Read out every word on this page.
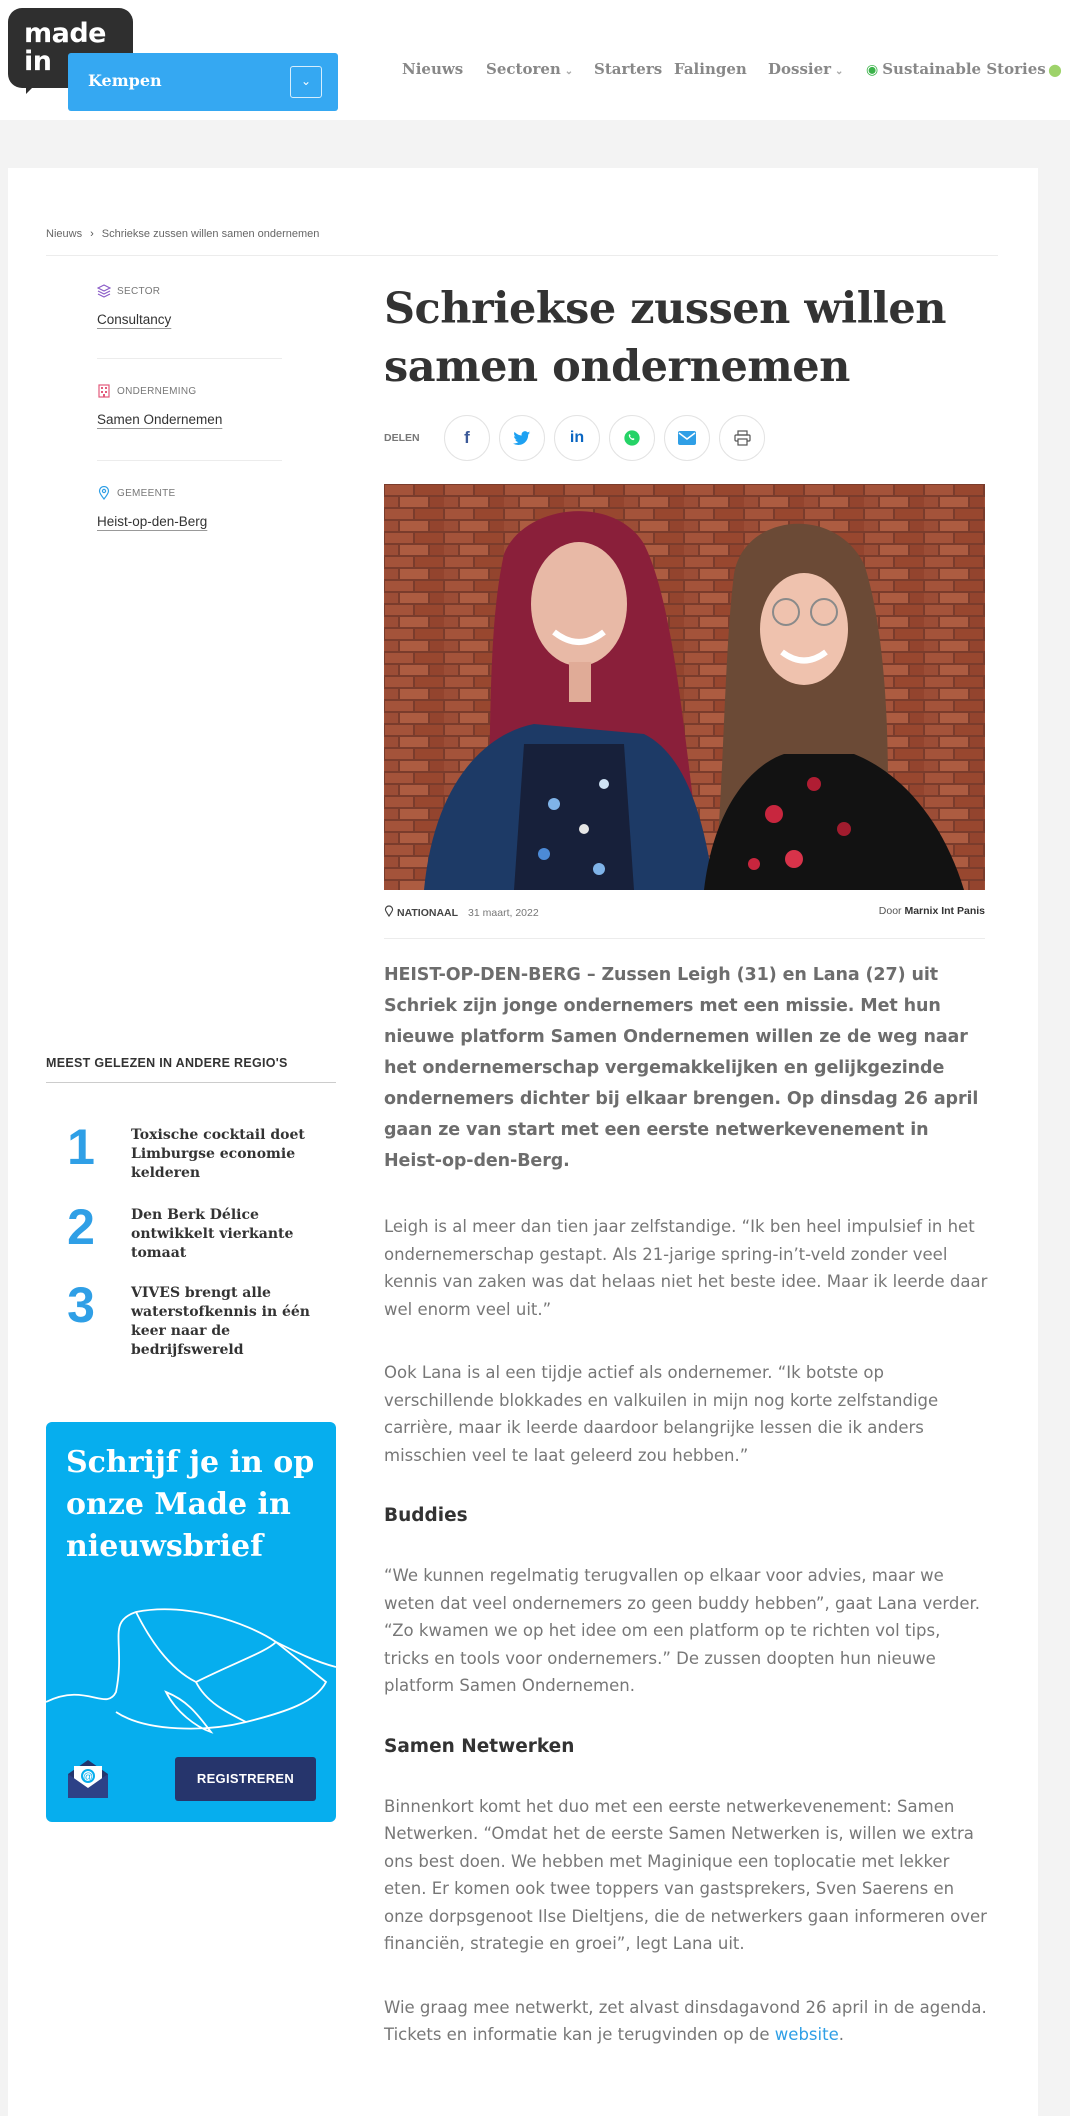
made
in
Kempen	⌄
Nieuws Sectoren ⌄ Starters Falingen Dossier ⌄ ◉ Sustainable Stories ●
Nieuws › Schriekse zussen willen samen ondernemen
SECTOR
Consultancy
ONDERNEMING
Samen Ondernemen
GEMEENTE
Heist-op-den-Berg
Schriekse zussen willen samen ondernemen
DELEN	f	in
NATIONAAL 31 maart, 2022	Door Marnix Int Panis

HEIST-OP-DEN-BERG – Zussen Leigh (31) en Lana (27) uit Schriek zijn jonge ondernemers met een missie. Met hun nieuwe platform Samen Ondernemen willen ze de weg naar het ondernemerschap vergemakkelijken en gelijkgezinde ondernemers dichter bij elkaar brengen. Op dinsdag 26 april gaan ze van start met een eerste netwerkevenement in Heist-op-den-Berg.

Leigh is al meer dan tien jaar zelfstandige. “Ik ben heel impulsief in het ondernemerschap gestapt. Als 21-jarige spring-in’t-veld zonder veel kennis van zaken was dat helaas niet het beste idee. Maar ik leerde daar wel enorm veel uit.”

Ook Lana is al een tijdje actief als ondernemer. “Ik botste op verschillende blokkades en valkuilen in mijn nog korte zelfstandige carrière, maar ik leerde daardoor belangrijke lessen die ik anders misschien veel te laat geleerd zou hebben.”

Buddies

“We kunnen regelmatig terugvallen op elkaar voor advies, maar we weten dat veel ondernemers zo geen buddy hebben”, gaat Lana verder. “Zo kwamen we op het idee om een platform op te richten vol tips, tricks en tools voor ondernemers.” De zussen doopten hun nieuwe platform Samen Ondernemen.

Samen Netwerken

Binnenkort komt het duo met een eerste netwerkevenement: Samen Netwerken. “Omdat het de eerste Samen Netwerken is, willen we extra ons best doen. We hebben met Maginique een toplocatie met lekker eten. Er komen ook twee toppers van gastsprekers, Sven Saerens en onze dorpsgenoot Ilse Dieltjens, die de netwerkers gaan informeren over financiën, strategie en groei”, legt Lana uit.

Wie graag mee netwerkt, zet alvast dinsdagavond 26 april in de agenda. Tickets en informatie kan je terugvinden op de website.

MEEST GELEZEN IN ANDERE REGIO'S
1	Toxische cocktail doet Limburgse economie kelderen
2	Den Berk Délice ontwikkelt vierkante tomaat
3	VIVES brengt alle waterstofkennis in één keer naar de bedrijfswereld
Schrijf je in op onze Made in nieuwsbrief
@	REGISTREREN
